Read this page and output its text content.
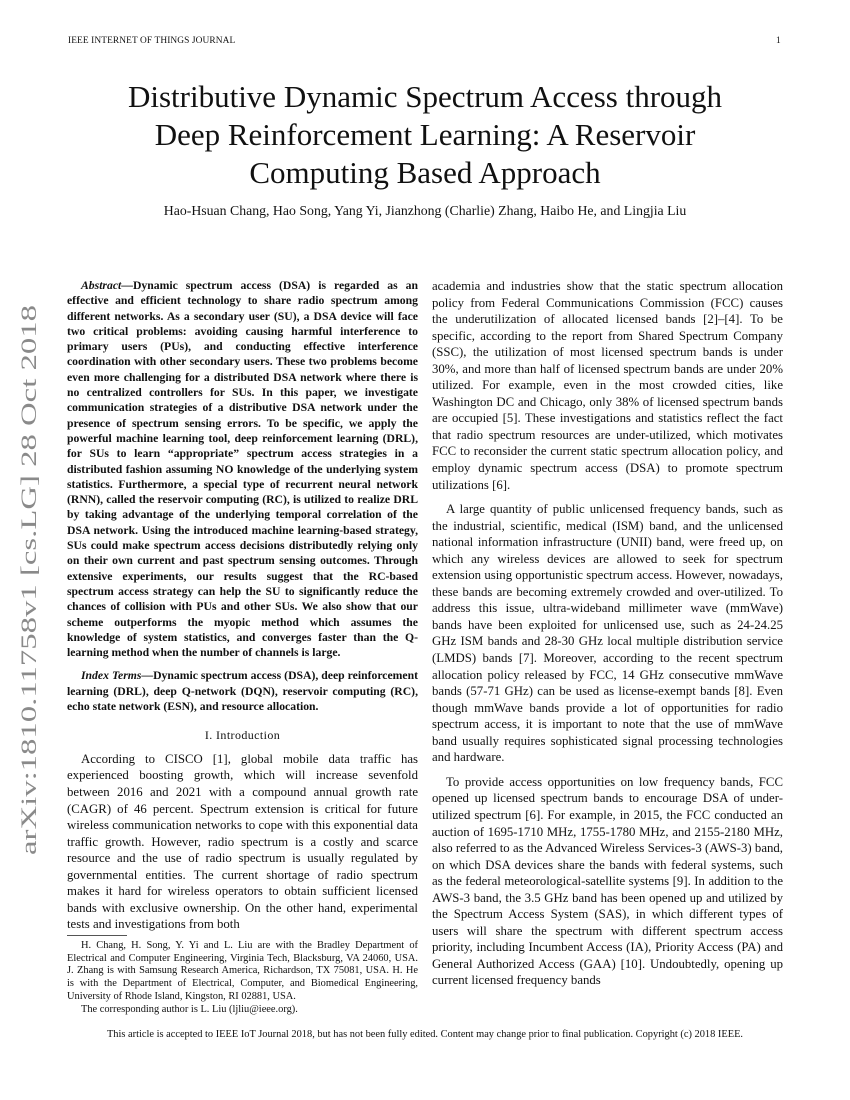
IEEE INTERNET OF THINGS JOURNAL	1
Distributive Dynamic Spectrum Access through
Deep Reinforcement Learning: A Reservoir
Computing Based Approach
Hao-Hsuan Chang, Hao Song, Yang Yi, Jianzhong (Charlie) Zhang, Haibo He, and Lingjia Liu
arXiv:1810.11758v1 [cs.LG] 28 Oct 2018

Abstract—Dynamic spectrum access (DSA) is regarded as an effective and efficient technology to share radio spectrum among different networks. As a secondary user (SU), a DSA device will face two critical problems: avoiding causing harmful interference to primary users (PUs), and conducting effective interference coordination with other secondary users. These two problems become even more challenging for a distributed DSA network where there is no centralized controllers for SUs. In this paper, we investigate communication strategies of a distributive DSA network under the presence of spectrum sensing errors. To be specific, we apply the powerful machine learning tool, deep reinforcement learning (DRL), for SUs to learn “appropriate” spectrum access strategies in a distributed fashion assuming NO knowledge of the underlying system statistics. Furthermore, a special type of recurrent neural network (RNN), called the reservoir computing (RC), is utilized to realize DRL by taking advantage of the underlying temporal correlation of the DSA network. Using the introduced machine learning-based strategy, SUs could make spectrum access decisions distributedly relying only on their own current and past spectrum sensing outcomes. Through extensive experiments, our results suggest that the RC-based spectrum access strategy can help the SU to significantly reduce the chances of collision with PUs and other SUs. We also show that our scheme outperforms the myopic method which assumes the knowledge of system statistics, and converges faster than the Q-learning method when the number of channels is large.

Index Terms—Dynamic spectrum access (DSA), deep reinforcement learning (DRL), deep Q-network (DQN), reservoir computing (RC), echo state network (ESN), and resource allocation.

I. Introduction

According to CISCO [1], global mobile data traffic has experienced boosting growth, which will increase sevenfold between 2016 and 2021 with a compound annual growth rate (CAGR) of 46 percent. Spectrum extension is critical for future wireless communication networks to cope with this exponential data traffic growth. However, radio spectrum is a costly and scarce resource and the use of radio spectrum is usually regulated by governmental entities. The current shortage of radio spectrum makes it hard for wireless operators to obtain sufficient licensed bands with exclusive ownership. On the other hand, experimental tests and investigations from both

H. Chang, H. Song, Y. Yi and L. Liu are with the Bradley Department of Electrical and Computer Engineering, Virginia Tech, Blacksburg, VA 24060, USA. J. Zhang is with Samsung Research America, Richardson, TX 75081, USA. H. He is with the Department of Electrical, Computer, and Biomedical Engineering, University of Rhode Island, Kingston, RI 02881, USA.

The corresponding author is L. Liu (ljliu@ieee.org).

academia and industries show that the static spectrum allocation policy from Federal Communications Commission (FCC) causes the underutilization of allocated licensed bands [2]–[4]. To be specific, according to the report from Shared Spectrum Company (SSC), the utilization of most licensed spectrum bands is under 30%, and more than half of licensed spectrum bands are under 20% utilized. For example, even in the most crowded cities, like Washington DC and Chicago, only 38% of licensed spectrum bands are occupied [5]. These investigations and statistics reflect the fact that radio spectrum resources are under-utilized, which motivates FCC to reconsider the current static spectrum allocation policy, and employ dynamic spectrum access (DSA) to promote spectrum utilizations [6].

A large quantity of public unlicensed frequency bands, such as the industrial, scientific, medical (ISM) band, and the unlicensed national information infrastructure (UNII) band, were freed up, on which any wireless devices are allowed to seek for spectrum extension using opportunistic spectrum access. However, nowadays, these bands are becoming extremely crowded and over-utilized. To address this issue, ultra-wideband millimeter wave (mmWave) bands have been exploited for unlicensed use, such as 24-24.25 GHz ISM bands and 28-30 GHz local multiple distribution service (LMDS) bands [7]. Moreover, according to the recent spectrum allocation policy released by FCC, 14 GHz consecutive mmWave bands (57-71 GHz) can be used as license-exempt bands [8]. Even though mmWave bands provide a lot of opportunities for radio spectrum access, it is important to note that the use of mmWave band usually requires sophisticated signal processing technologies and hardware.

To provide access opportunities on low frequency bands, FCC opened up licensed spectrum bands to encourage DSA of under-utilized spectrum [6]. For example, in 2015, the FCC conducted an auction of 1695-1710 MHz, 1755-1780 MHz, and 2155-2180 MHz, also referred to as the Advanced Wireless Services-3 (AWS-3) band, on which DSA devices share the bands with federal systems, such as the federal meteorological-satellite systems [9]. In addition to the AWS-3 band, the 3.5 GHz band has been opened up and utilized by the Spectrum Access System (SAS), in which different types of users will share the spectrum with different spectrum access priority, including Incumbent Access (IA), Priority Access (PA) and General Authorized Access (GAA) [10]. Undoubtedly, opening up current licensed frequency bands

This article is accepted to IEEE IoT Journal 2018, but has not been fully edited. Content may change prior to final publication. Copyright (c) 2018 IEEE.
